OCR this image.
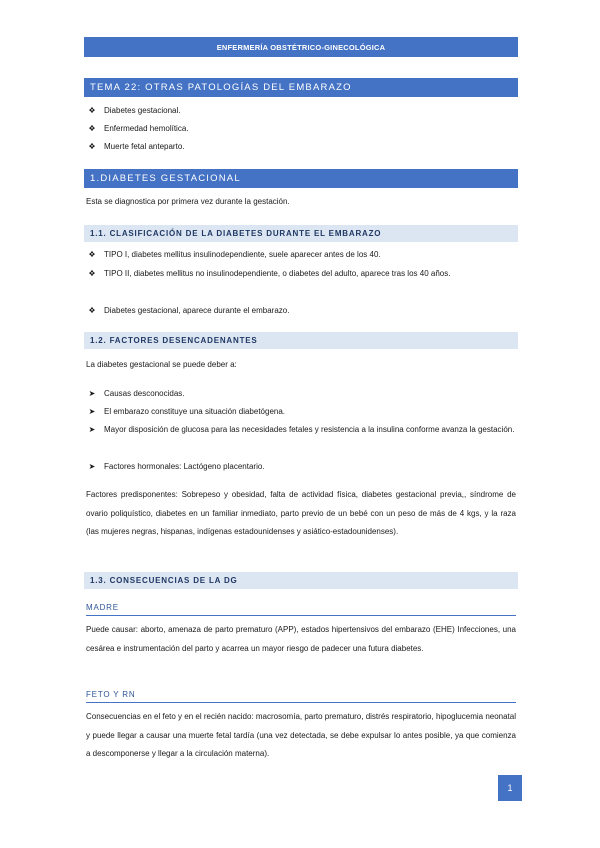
ENFERMERÍA OBSTÉTRICO-GINECOLÓGICA
TEMA 22: OTRAS PATOLOGÍAS DEL EMBARAZO
❖	Diabetes gestacional.
❖	Enfermedad hemolítica.
❖	Muerte fetal anteparto.
1.DIABETES GESTACIONAL
Esta se diagnostica por primera vez durante la gestación.
1.1. CLASIFICACIÓN DE LA DIABETES DURANTE EL EMBARAZO
❖	TIPO I, diabetes mellitus insulinodependiente, suele aparecer antes de los 40.
❖	TIPO II, diabetes mellitus no insulinodependiente, o diabetes del adulto, aparece tras los 40 años.
❖	Diabetes gestacional, aparece durante el embarazo.
1.2. FACTORES DESENCADENANTES
La diabetes gestacional se puede deber a:
➤	Causas desconocidas.
➤	El embarazo constituye una situación diabetógena.
➤	Mayor disposición de glucosa para las necesidades fetales y resistencia a la insulina conforme avanza la gestación.
➤	Factores hormonales: Lactógeno placentario.
Factores predisponentes: Sobrepeso y obesidad, falta de actividad física, diabetes gestacional previa,, síndrome de ovario poliquístico, diabetes en un familiar inmediato, parto previo de un bebé con un peso de más de 4 kgs, y la raza (las mujeres negras, hispanas, indígenas estadounidenses y asiático-estadounidenses).
1.3. CONSECUENCIAS DE LA DG
MADRE
Puede causar: aborto, amenaza de parto prematuro (APP), estados hipertensivos del embarazo (EHE) Infecciones, una cesárea e instrumentación del parto y acarrea un mayor riesgo de padecer una futura diabetes.
FETO Y RN
Consecuencias en el feto y en el recién nacido: macrosomía, parto prematuro, distrés respiratorio, hipoglucemia neonatal y puede llegar a causar una muerte fetal tardía (una vez detectada, se debe expulsar lo antes posible, ya que comienza a descomponerse y llegar a la circulación materna).
1
